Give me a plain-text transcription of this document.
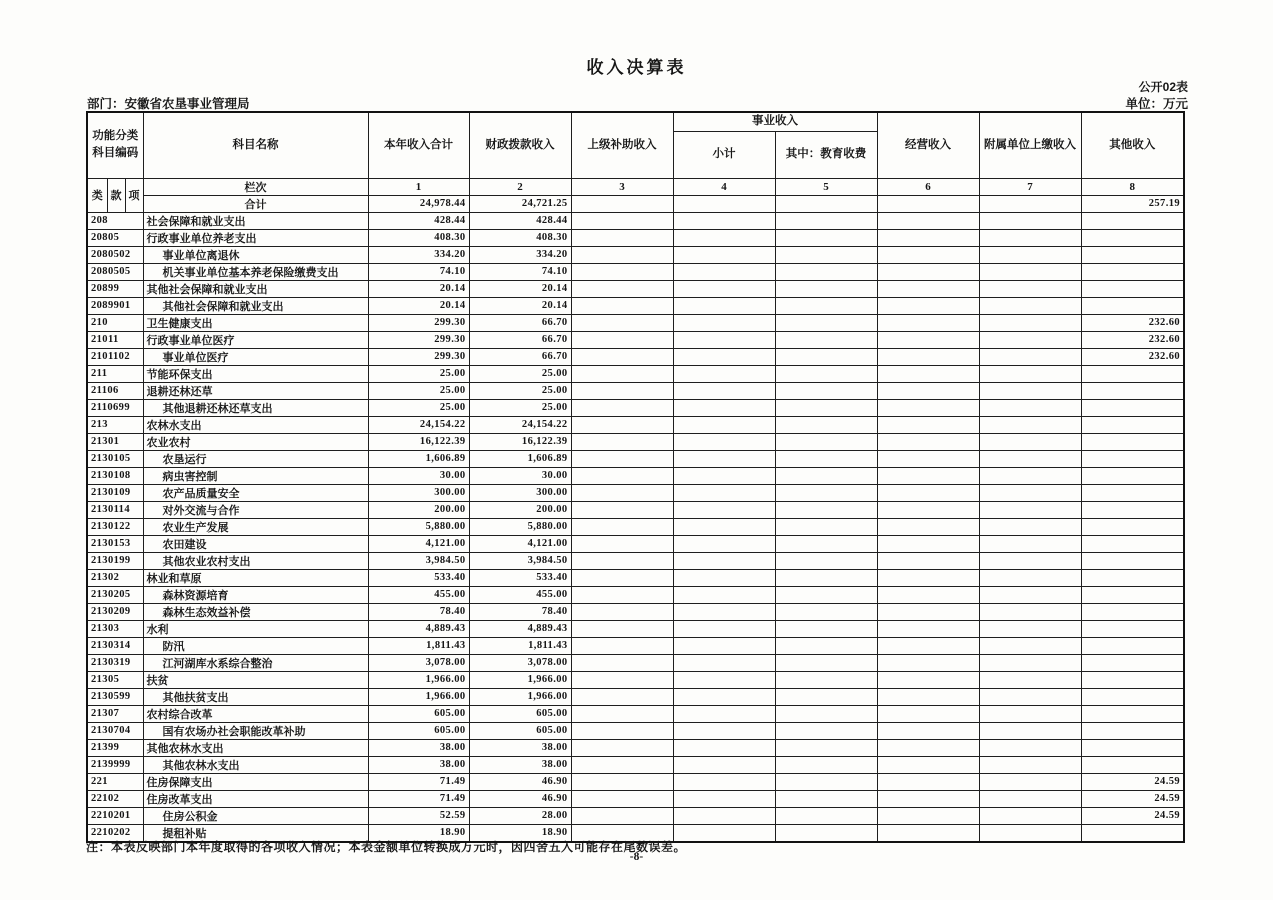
收入决算表
公开02表
部门：安徽省农垦事业管理局	单位：万元
功能分类科目编码			科目名称	本年收入合计	财政拨款收入	上级补助收入	事业收入		经营收入	附属单位上缴收入	其他收入
							小计	其中：教育收费			
类	款	项	栏次	1	2	3	4	5	6	7	8
			合计	24,978.44	24,721.25						257.19
208			社会保障和就业支出	428.44	428.44						
20805			行政事业单位养老支出	408.30	408.30						
2080502			事业单位离退休	334.20	334.20						
2080505			机关事业单位基本养老保险缴费支出	74.10	74.10						
20899			其他社会保障和就业支出	20.14	20.14						
2089901			其他社会保障和就业支出	20.14	20.14						
210			卫生健康支出	299.30	66.70						232.60
21011			行政事业单位医疗	299.30	66.70						232.60
2101102			事业单位医疗	299.30	66.70						232.60
211			节能环保支出	25.00	25.00						
21106			退耕还林还草	25.00	25.00						
2110699			其他退耕还林还草支出	25.00	25.00						
213			农林水支出	24,154.22	24,154.22						
21301			农业农村	16,122.39	16,122.39						
2130105			农垦运行	1,606.89	1,606.89						
2130108			病虫害控制	30.00	30.00						
2130109			农产品质量安全	300.00	300.00						
2130114			对外交流与合作	200.00	200.00						
2130122			农业生产发展	5,880.00	5,880.00						
2130153			农田建设	4,121.00	4,121.00						
2130199			其他农业农村支出	3,984.50	3,984.50						
21302			林业和草原	533.40	533.40						
2130205			森林资源培育	455.00	455.00						
2130209			森林生态效益补偿	78.40	78.40						
21303			水利	4,889.43	4,889.43						
2130314			防汛	1,811.43	1,811.43						
2130319			江河湖库水系综合整治	3,078.00	3,078.00						
21305			扶贫	1,966.00	1,966.00						
2130599			其他扶贫支出	1,966.00	1,966.00						
21307			农村综合改革	605.00	605.00						
2130704			国有农场办社会职能改革补助	605.00	605.00						
21399			其他农林水支出	38.00	38.00						
2139999			其他农林水支出	38.00	38.00						
221			住房保障支出	71.49	46.90						24.59
22102			住房改革支出	71.49	46.90						24.59
2210201			住房公积金	52.59	28.00						24.59
2210202			提租补贴	18.90	18.90						
注：本表反映部门本年度取得的各项收入情况；本表金额单位转换成万元时，因四舍五入可能存在尾数误差。
-8-
